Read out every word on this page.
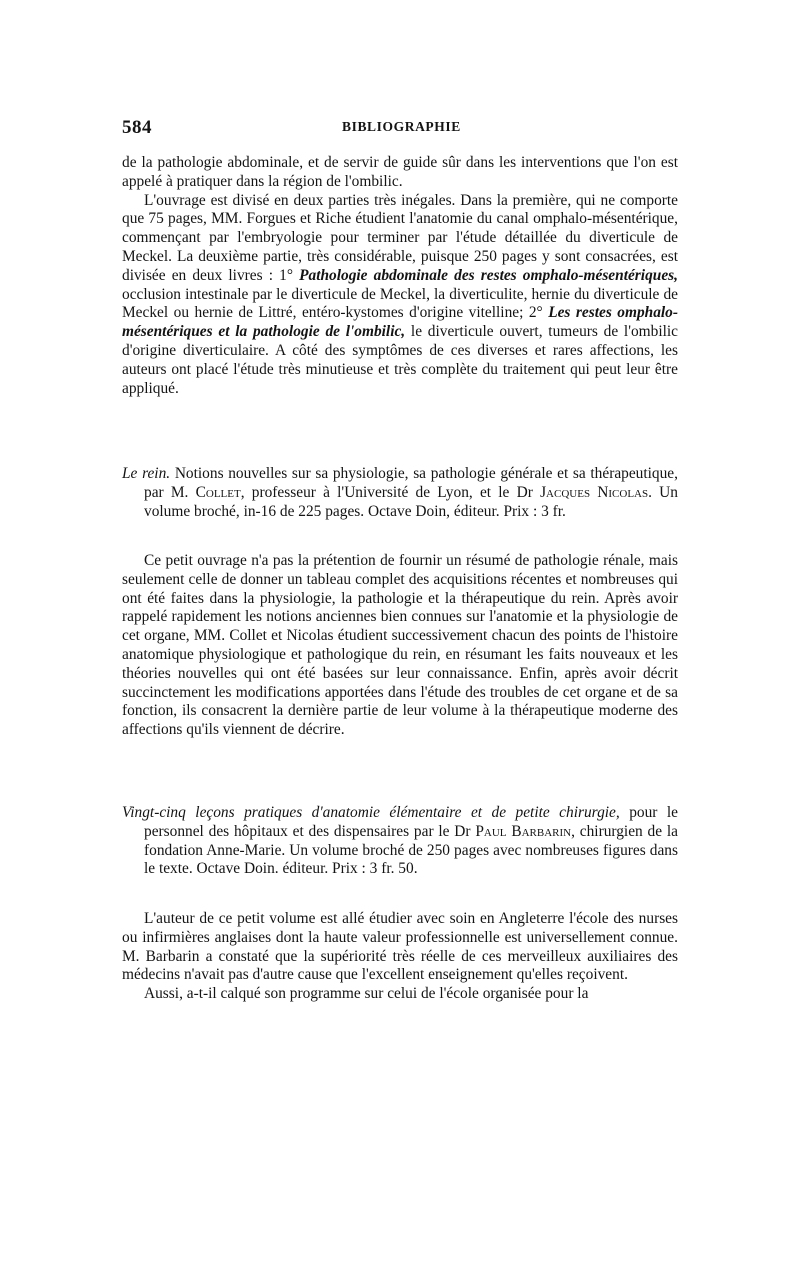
584	BIBLIOGRAPHIE

de la pathologie abdominale, et de servir de guide sûr dans les interventions que l'on est appelé à pratiquer dans la région de l'ombilic.

L'ouvrage est divisé en deux parties très inégales. Dans la première, qui ne comporte que 75 pages, MM. Forgues et Riche étudient l'anatomie du canal omphalo-mésentérique, commençant par l'embryologie pour terminer par l'étude détaillée du diverticule de Meckel. La deuxième partie, très considérable, puisque 250 pages y sont consacrées, est divisée en deux livres : 1° Pathologie abdominale des restes omphalo-mésentériques, occlusion intestinale par le diverticule de Meckel, la diverticulite, hernie du diverticule de Meckel ou hernie de Littré, entéro-kystomes d'origine vitelline; 2° Les restes omphalo-mésentériques et la pathologie de l'ombilic, le diverticule ouvert, tumeurs de l'ombilic d'origine diverticulaire. A côté des symptômes de ces diverses et rares affections, les auteurs ont placé l'étude très minutieuse et très complète du traitement qui peut leur être appliqué.

Le rein. Notions nouvelles sur sa physiologie, sa pathologie générale et sa thérapeutique, par M. Collet, professeur à l'Université de Lyon, et le Dr Jacques Nicolas. Un volume broché, in-16 de 225 pages. Octave Doin, éditeur. Prix : 3 fr.

Ce petit ouvrage n'a pas la prétention de fournir un résumé de pathologie rénale, mais seulement celle de donner un tableau complet des acquisitions récentes et nombreuses qui ont été faites dans la physiologie, la pathologie et la thérapeutique du rein. Après avoir rappelé rapidement les notions anciennes bien connues sur l'anatomie et la physiologie de cet organe, MM. Collet et Nicolas étudient successivement chacun des points de l'histoire anatomique physiologique et pathologique du rein, en résumant les faits nouveaux et les théories nouvelles qui ont été basées sur leur connaissance. Enfin, après avoir décrit succinctement les modifications apportées dans l'étude des troubles de cet organe et de sa fonction, ils consacrent la dernière partie de leur volume à la thérapeutique moderne des affections qu'ils viennent de décrire.

Vingt-cinq leçons pratiques d'anatomie élémentaire et de petite chirurgie, pour le personnel des hôpitaux et des dispensaires par le Dr Paul Barbarin, chirurgien de la fondation Anne-Marie. Un volume broché de 250 pages avec nombreuses figures dans le texte. Octave Doin. éditeur. Prix : 3 fr. 50.

L'auteur de ce petit volume est allé étudier avec soin en Angleterre l'école des nurses ou infirmières anglaises dont la haute valeur professionnelle est universellement connue. M. Barbarin a constaté que la supériorité très réelle de ces merveilleux auxiliaires des médecins n'avait pas d'autre cause que l'excellent enseignement qu'elles reçoivent.

Aussi, a-t-il calqué son programme sur celui de l'école organisée pour la
